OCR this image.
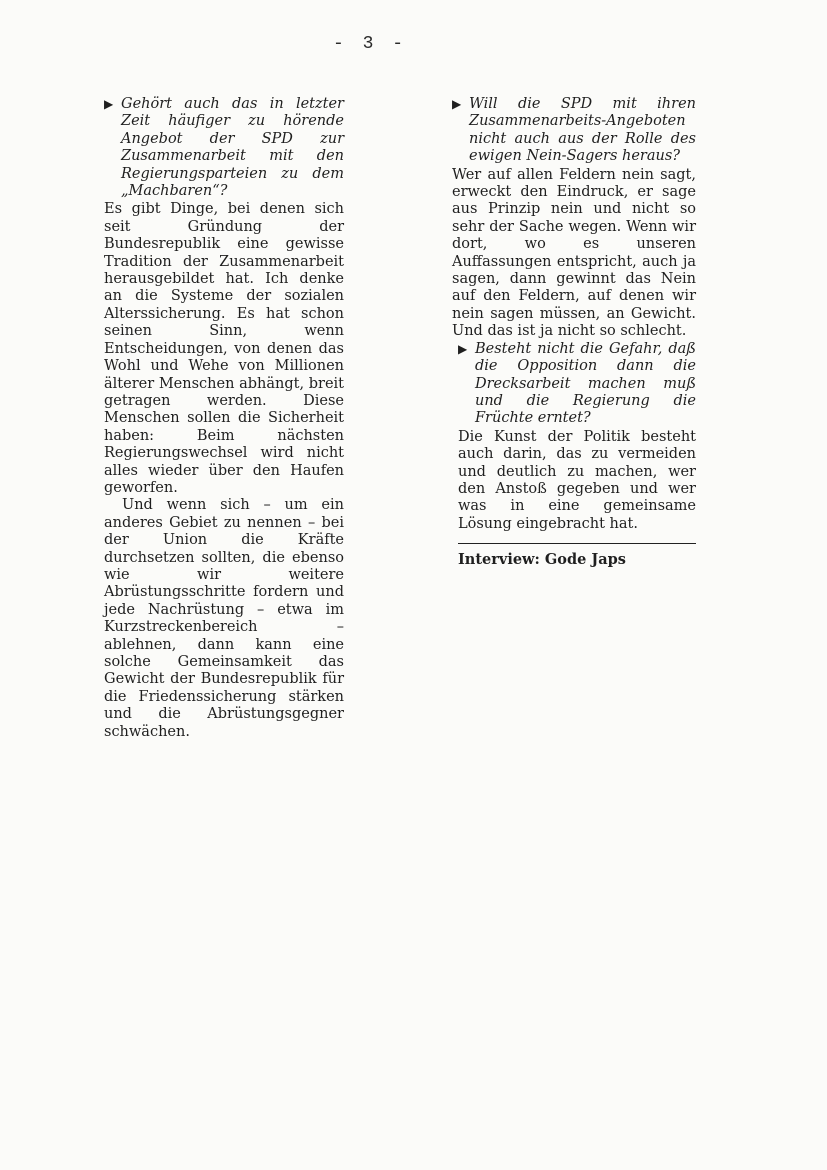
- 3 -
▶ Gehört auch das in letzter Zeit häufiger zu hörende Angebot der SPD zur Zusammenarbeit mit den Regierungsparteien zu dem „Machbaren“?

Es gibt Dinge, bei denen sich seit Gründung der Bundesrepublik eine gewisse Tradition der Zusammenarbeit herausgebildet hat. Ich denke an die Systeme der sozialen Alterssicherung. Es hat schon seinen Sinn, wenn Entscheidungen, von denen das Wohl und Wehe von Millionen älterer Menschen abhängt, breit getragen werden. Diese Menschen sollen die Sicherheit haben: Beim nächsten Regierungswechsel wird nicht alles wieder über den Haufen geworfen.

Und wenn sich – um ein anderes Gebiet zu nennen – bei der Union die Kräfte durchsetzen sollten, die ebenso wie wir weitere Abrüstungsschritte fordern und jede Nachrüstung – etwa im Kurzstreckenbereich – ablehnen, dann kann eine solche Gemeinsamkeit das Gewicht der Bundesrepublik für die Friedenssicherung stärken und die Abrüstungsgegner schwächen.

▶ Will die SPD mit ihren Zusammenarbeits-Angeboten nicht auch aus der Rolle des ewigen Nein-Sagers heraus?

Wer auf allen Feldern nein sagt, erweckt den Eindruck, er sage aus Prinzip nein und nicht so sehr der Sache wegen. Wenn wir dort, wo es unseren Auffassungen entspricht, auch ja sagen, dann gewinnt das Nein auf den Feldern, auf denen wir nein sagen müssen, an Gewicht. Und das ist ja nicht so schlecht.

▶ Besteht nicht die Gefahr, daß die Opposition dann die Drecksarbeit machen muß und die Regierung die Früchte erntet?

Die Kunst der Politik besteht auch darin, das zu vermeiden und deutlich zu machen, wer den Anstoß gegeben und wer was in eine gemeinsame Lösung eingebracht hat.

Interview: Gode Japs
